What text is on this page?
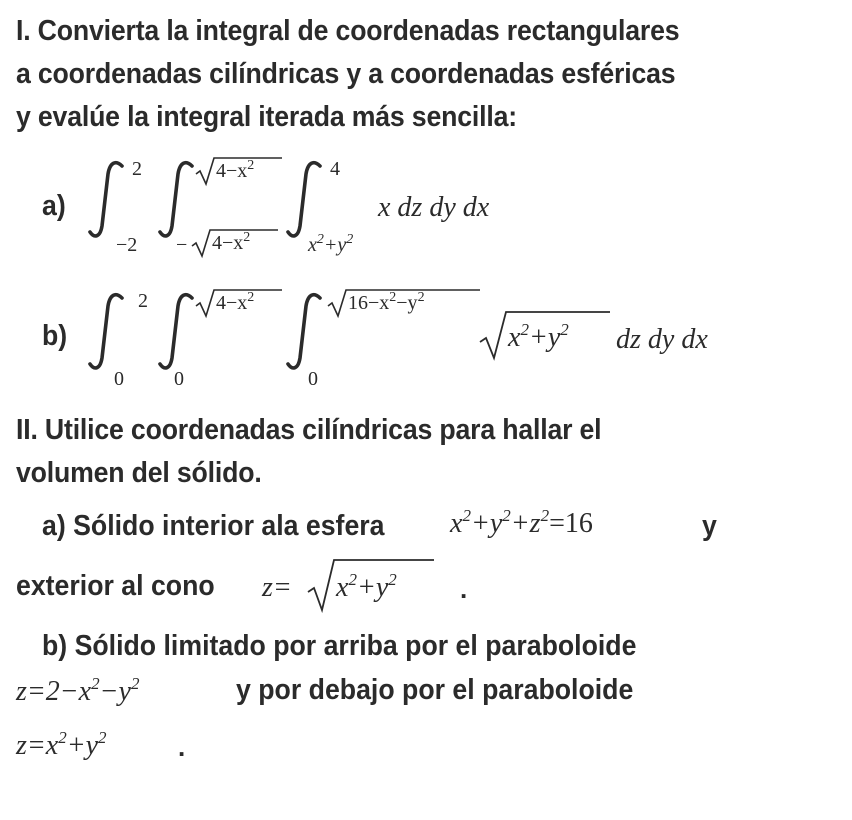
I. Convierta la integral de coordenadas rectangulares
a coordenadas cilíndricas y a coordenadas esféricas
y evalúe la integral iterada más sencilla:
a)
2
−2
$4-x^2$
− $4-x^2$
4
$x^2+y^2$
x dz dy dx
b)
2
0
$4-x^2$
0
$16-x^2-y^2$
0
$x^2+y^2$ dz dy dx
II. Utilice coordenadas cilíndricas para hallar el
volumen del sólido.
a) Sólido interior ala esfera $x^2+y^2+z^2=16$	y
exterior al cono $z= x^2+y^2$ .
b) Sólido limitado por arriba por el paraboloide
$z=2-x^2-y^2$	y por debajo por el paraboloide
$z=x^2+y^2$	.
